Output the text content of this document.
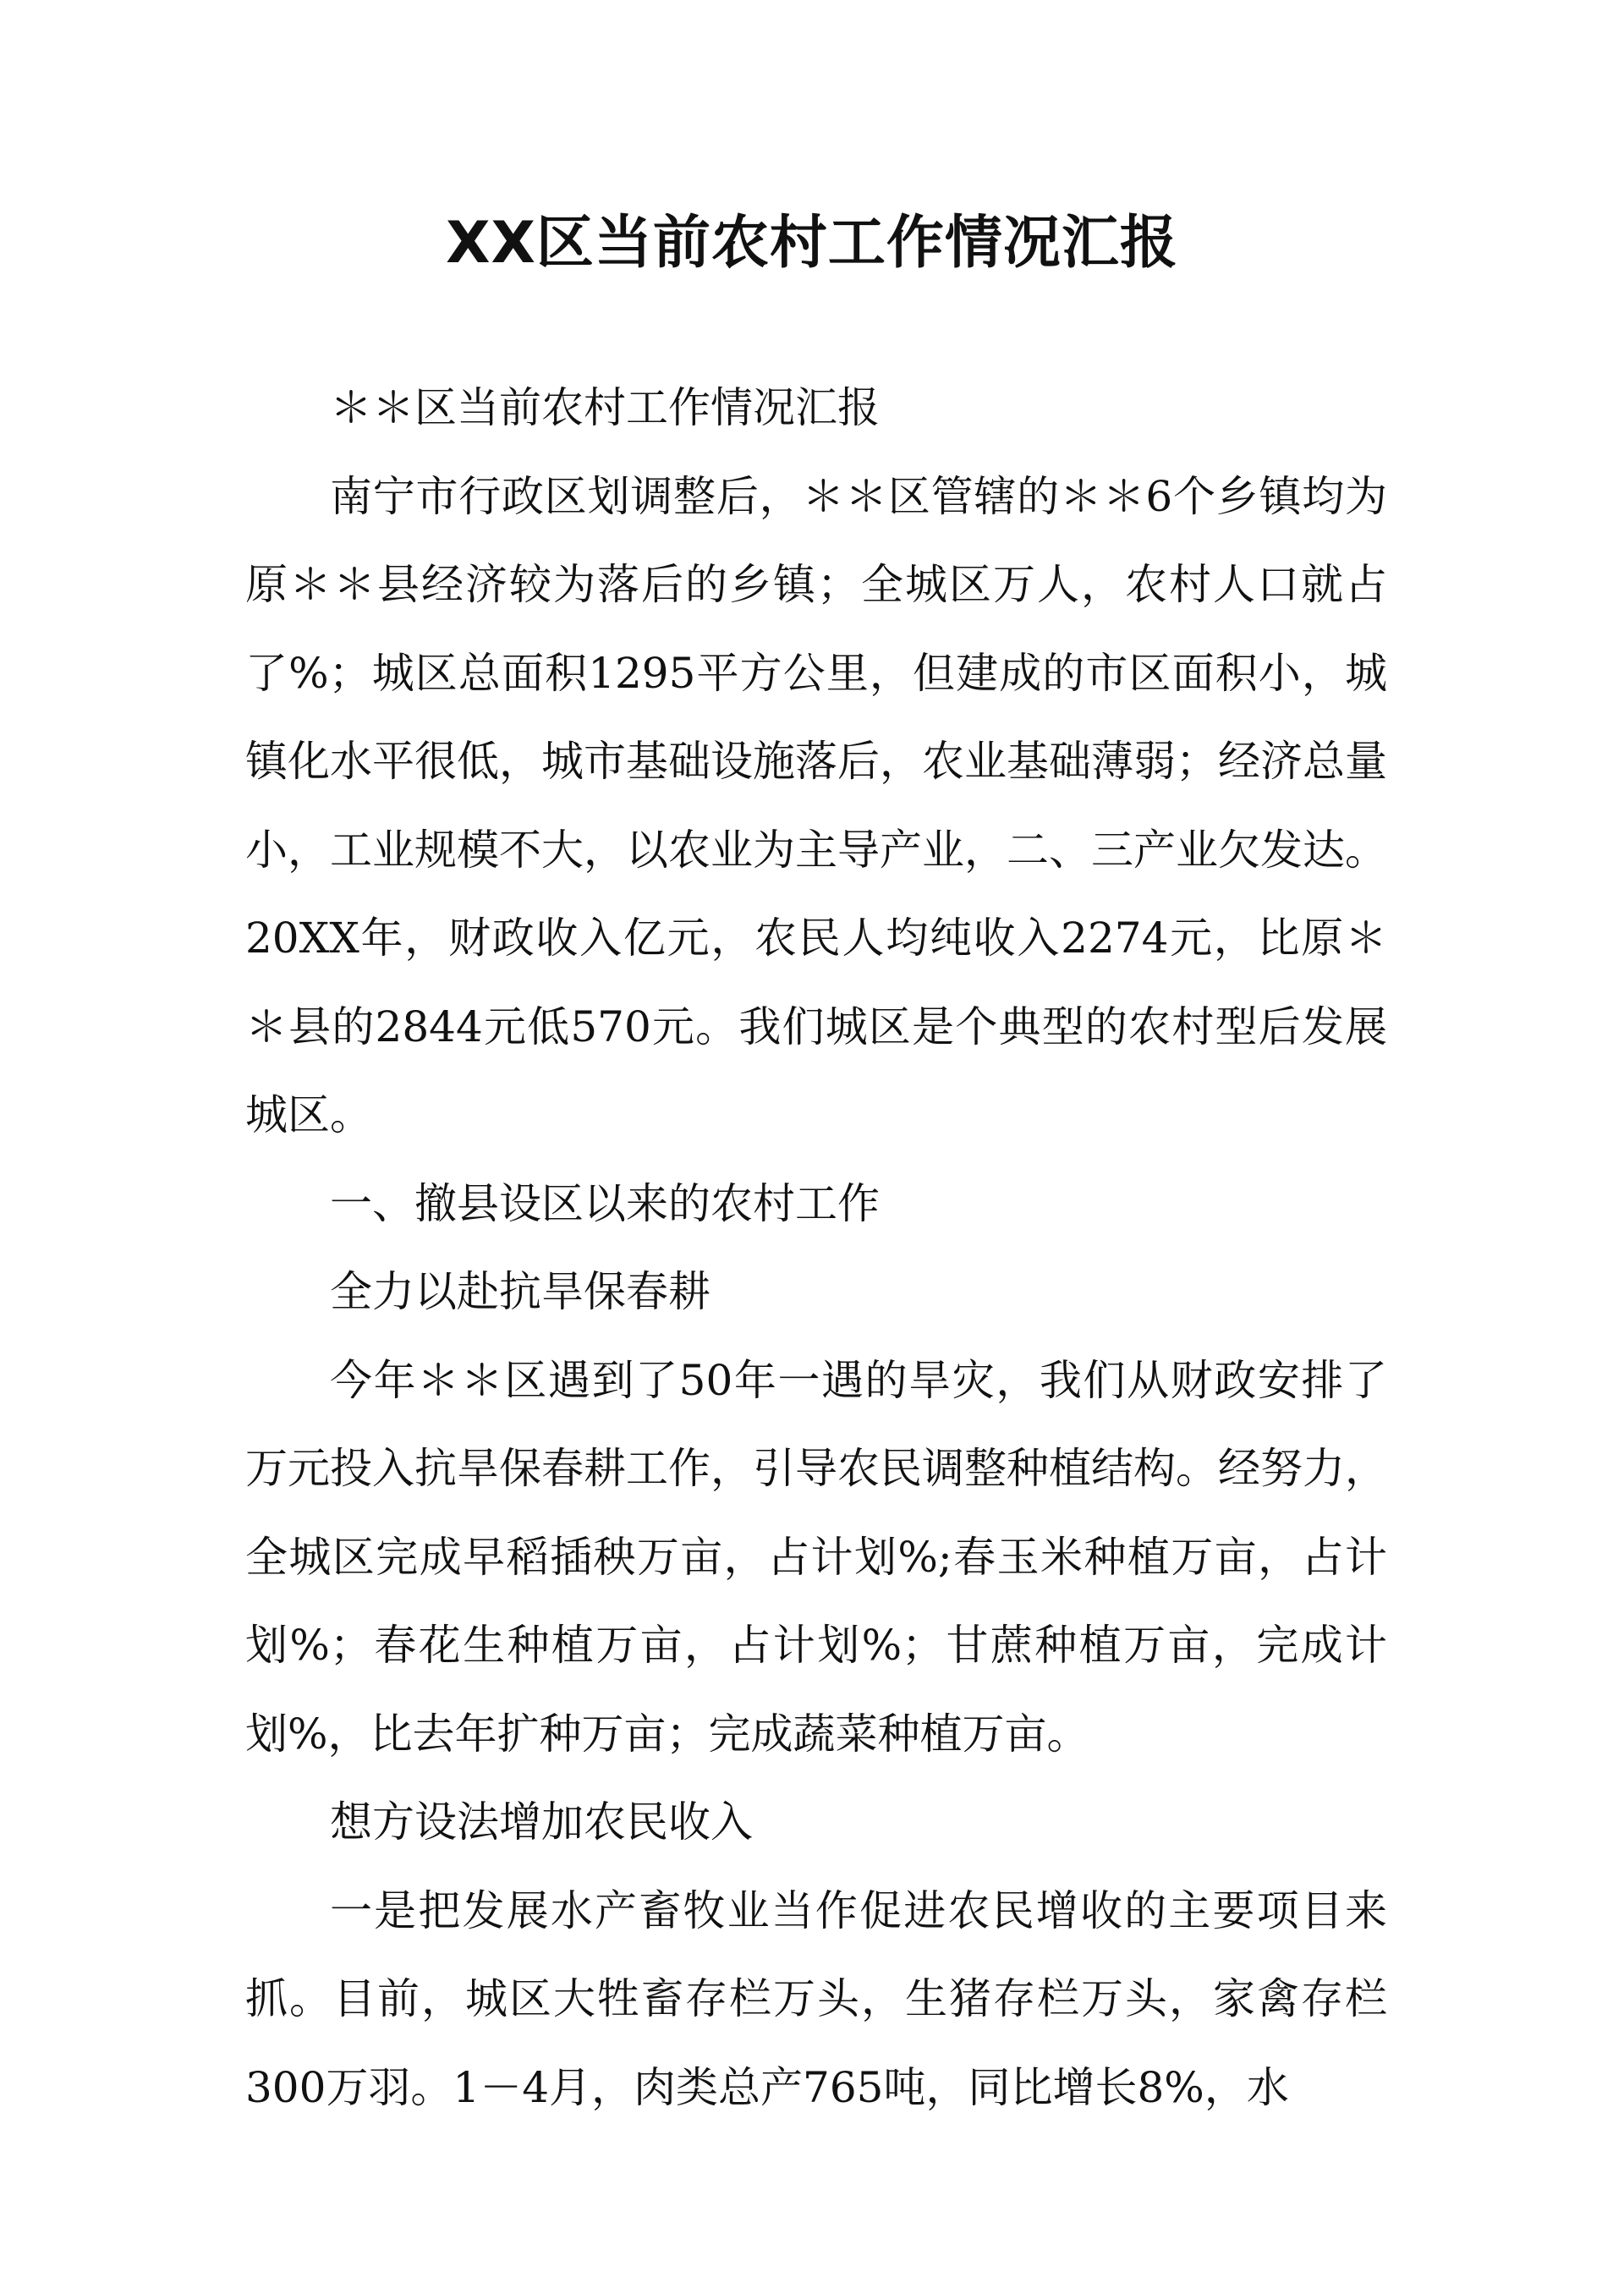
XX区当前农村工作情况汇报

＊＊区当前农村工作情况汇报

南宁市行政区划调整后，＊＊区管辖的＊＊6个乡镇均为原＊＊县经济较为落后的乡镇；全城区万人，农村人口就占了%；城区总面积1295平方公里，但建成的市区面积小，城镇化水平很低，城市基础设施落后，农业基础薄弱；经济总量小，工业规模不大，以农业为主导产业，二、三产业欠发达。20XX年，财政收入亿元，农民人均纯收入2274元，比原＊＊县的2844元低570元。我们城区是个典型的农村型后发展城区。

一、撤县设区以来的农村工作

全力以赴抗旱保春耕

今年＊＊区遇到了50年一遇的旱灾，我们从财政安排了万元投入抗旱保春耕工作，引导农民调整种植结构。经努力，全城区完成早稻插秧万亩，占计划%;春玉米种植万亩，占计划%；春花生种植万亩，占计划%；甘蔗种植万亩，完成计划%，比去年扩种万亩；完成蔬菜种植万亩。

想方设法增加农民收入

一是把发展水产畜牧业当作促进农民增收的主要项目来抓。目前，城区大牲畜存栏万头，生猪存栏万头，家禽存栏300万羽。1－4月，肉类总产765吨，同比增长8%，水
